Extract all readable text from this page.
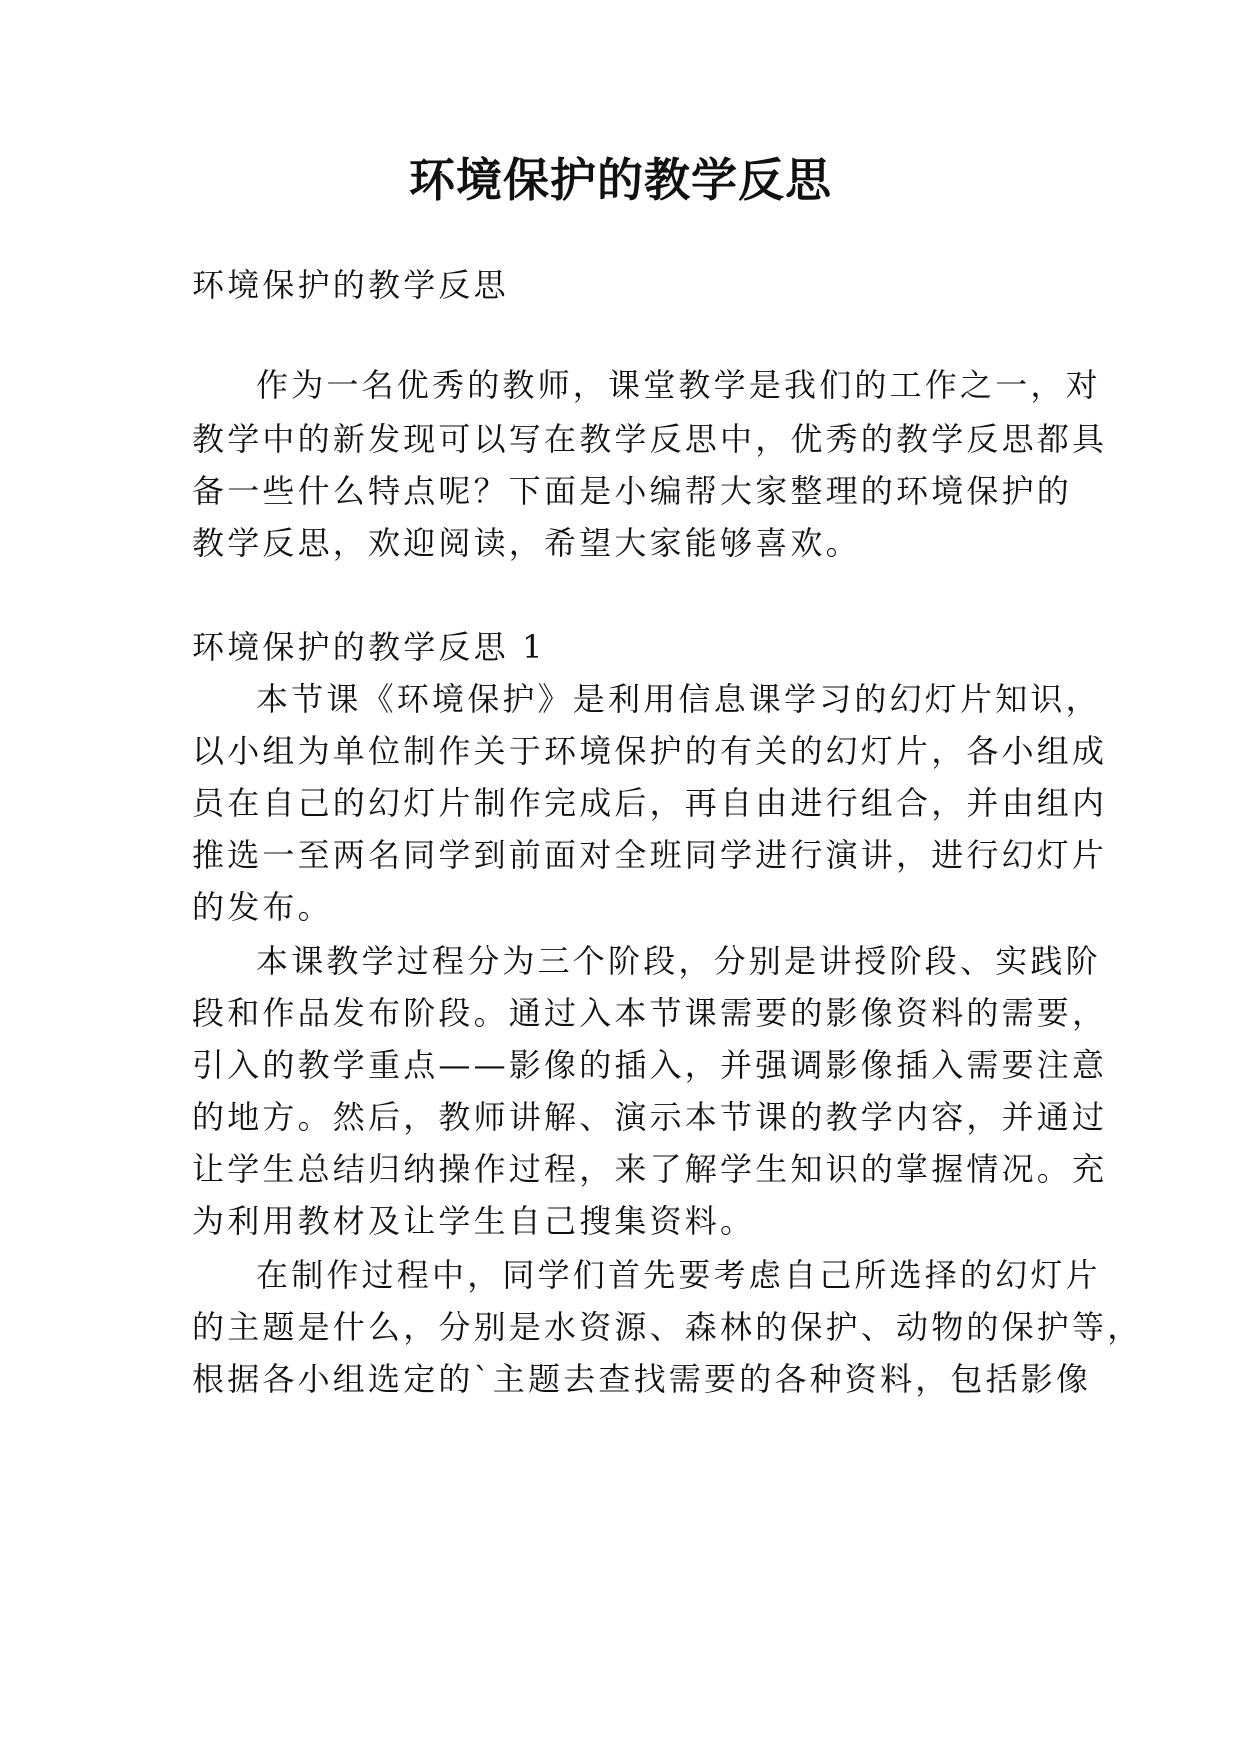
环境保护的教学反思

环境保护的教学反思

作为一名优秀的教师，课堂教学是我们的工作之一，对

教学中的新发现可以写在教学反思中，优秀的教学反思都具

备一些什么特点呢？下面是小编帮大家整理的环境保护的

教学反思，欢迎阅读，希望大家能够喜欢。

环境保护的教学反思 1

本节课《环境保护》是利用信息课学习的幻灯片知识，

以小组为单位制作关于环境保护的有关的幻灯片，各小组成

员在自己的幻灯片制作完成后，再自由进行组合，并由组内

推选一至两名同学到前面对全班同学进行演讲，进行幻灯片

的发布。

本课教学过程分为三个阶段，分别是讲授阶段、实践阶

段和作品发布阶段。通过入本节课需要的影像资料的需要，

引入的教学重点——影像的插入，并强调影像插入需要注意

的地方。然后，教师讲解、演示本节课的教学内容，并通过

让学生总结归纳操作过程，来了解学生知识的掌握情况。充

为利用教材及让学生自己搜集资料。

在制作过程中，同学们首先要考虑自己所选择的幻灯片

的主题是什么，分别是水资源、森林的保护、动物的保护等，

根据各小组选定的`主题去查找需要的各种资料，包括影像
